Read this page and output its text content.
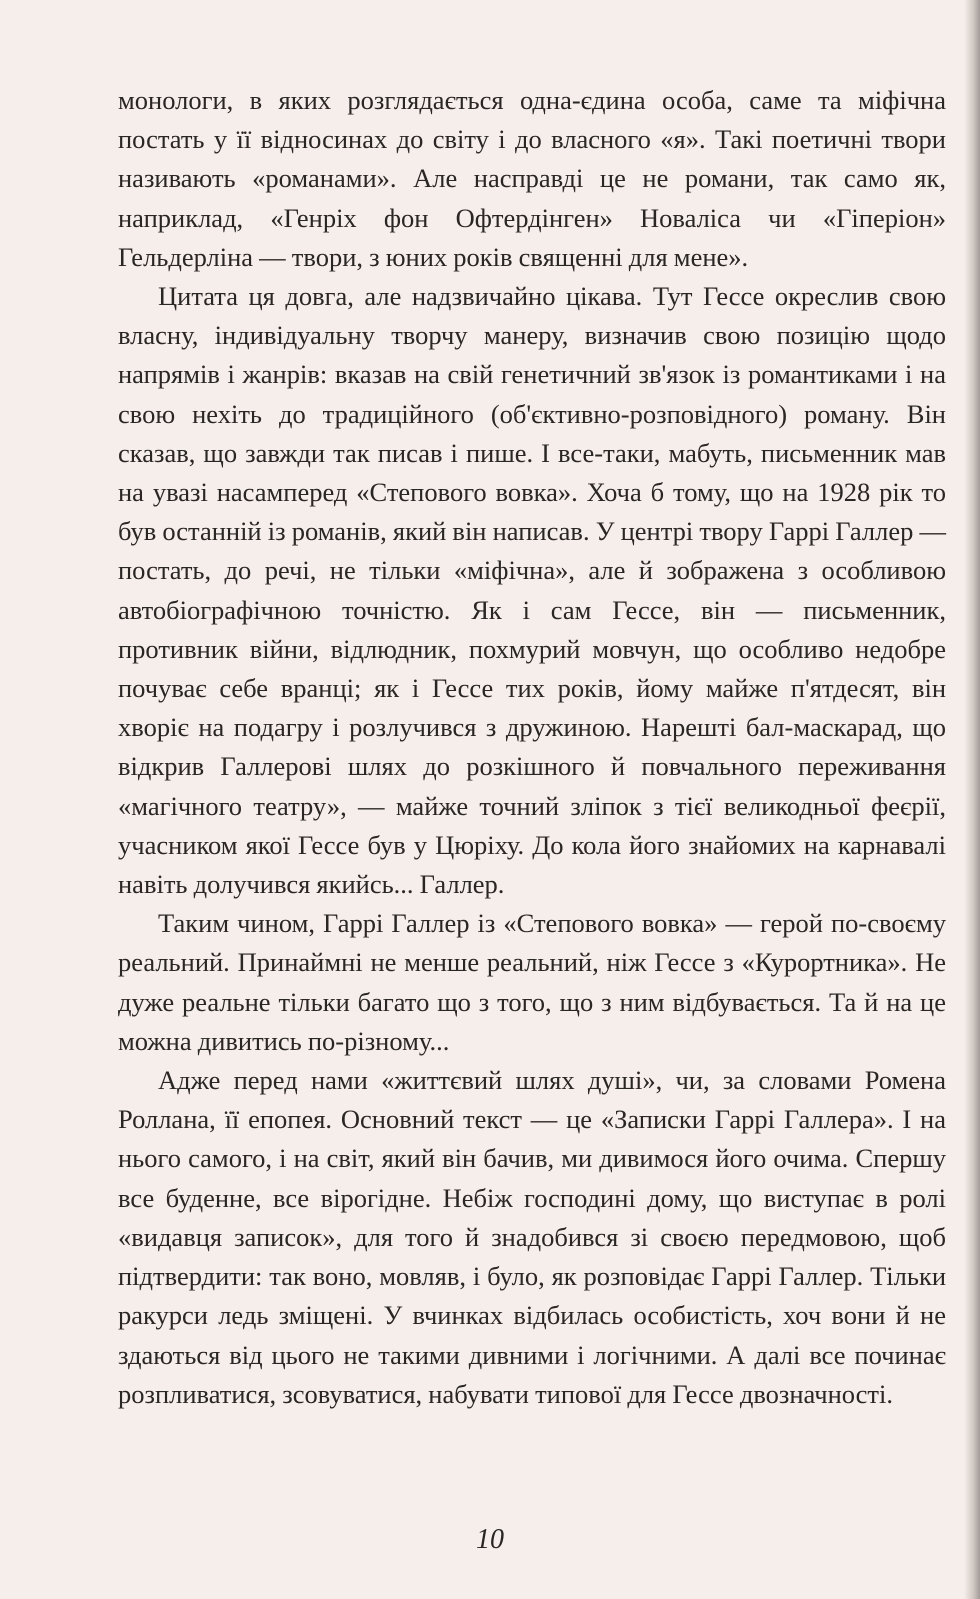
монологи, в яких розглядається одна-єдина особа, саме та міфічна постать у її відносинах до світу і до власного «я». Такі поетичні твори називають «романами». Але насправді це не романи, так само як, наприклад, «Генріх фон Офтердінген» Новаліса чи «Гіперіон» Гельдерліна — твори, з юних років священні для мене».

Цитата ця довга, але надзвичайно цікава. Тут Гессе окреслив свою власну, індивідуальну творчу манеру, визначив свою позицію щодо напрямів і жанрів: вказав на свій генетичний зв'язок із романтиками і на свою нехіть до традиційного (об'єктивно-розповідного) роману. Він сказав, що завжди так писав і пише. І все-таки, мабуть, письменник мав на увазі насамперед «Степового вовка». Хоча б тому, що на 1928 рік то був останній із романів, який він написав. У центрі твору Гаррі Галлер — постать, до речі, не тільки «міфічна», але й зображена з особливою автобіографічною точністю. Як і сам Гессе, він — письменник, противник війни, відлюдник, похмурий мовчун, що особливо недобре почуває себе вранці; як і Гессе тих років, йому майже п'ятдесят, він хворіє на подагру і розлучився з дружиною. Нарешті бал-маскарад, що відкрив Галлерові шлях до розкішного й повчального переживання «магічного театру», — майже точний зліпок з тієї великодньої феєрії, учасником якої Гессе був у Цюріху. До кола його знайомих на карнавалі навіть долучився якийсь... Галлер.

Таким чином, Гаррі Галлер із «Степового вовка» — герой по-своєму реальний. Принаймні не менше реальний, ніж Гессе з «Курортника». Не дуже реальне тільки багато що з того, що з ним відбувається. Та й на це можна дивитись по-різному...

Адже перед нами «життєвий шлях душі», чи, за словами Ромена Роллана, її епопея. Основний текст — це «Записки Гаррі Галлера». І на нього самого, і на світ, який він бачив, ми дивимося його очима. Спершу все буденне, все вірогідне. Небіж господині дому, що виступає в ролі «видавця записок», для того й знадобився зі своєю передмовою, щоб підтвердити: так воно, мовляв, і було, як розповідає Гаррі Галлер. Тільки ракурси ледь зміщені. У вчинках відбилась особистість, хоч вони й не здаються від цього не такими дивними і логічними. А далі все починає розпливатися, зсовуватися, набувати типової для Гессе двозначності.

10
